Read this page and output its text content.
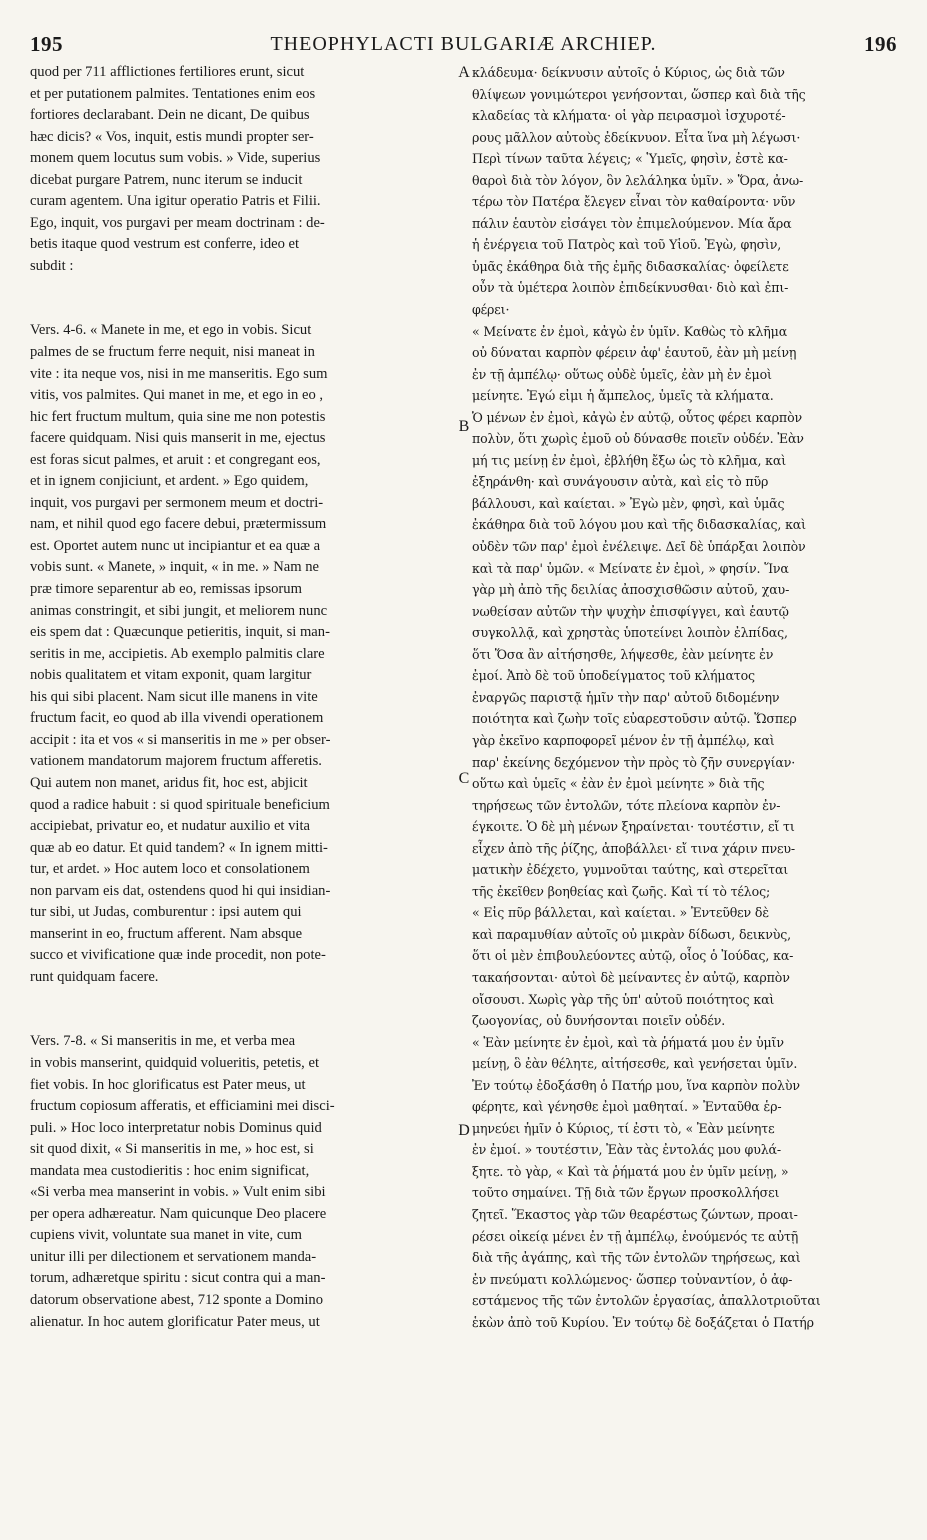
195	THEOPHYLACTI BULGARIÆ ARCHIEP.	196
quod per 711 afflictiones fertiliores erunt, sicut
et per putationem palmites. Tentationes enim eos
fortiores declarabant. Dein ne dicant, De quibus
hæc dicis? « Vos, inquit, estis mundi propter ser-
monem quem locutus sum vobis. » Vide, superius
dicebat purgare Patrem, nunc iterum se inducit
curam agentem. Una igitur operatio Patris et Filii.
Ego, inquit, vos purgavi per meam doctrinam : de-
betis itaque quod vestrum est conferre, ideo et
subdit :
Vers. 4-6. « Manete in me, et ego in vobis. Sicut
palmes de se fructum ferre nequit, nisi maneat in
vite : ita neque vos, nisi in me manseritis. Ego sum
vitis, vos palmites. Qui manet in me, et ego in eo ,
hic fert fructum multum, quia sine me non potestis
facere quidquam. Nisi quis manserit in me, ejectus
est foras sicut palmes, et aruit : et congregant eos,
et in ignem conjiciunt, et ardent. » Ego quidem,
inquit, vos purgavi per sermonem meum et doctri-
nam, et nihil quod ego facere debui, prætermissum
est. Oportet autem nunc ut incipiantur et ea quæ a
vobis sunt. « Manete, » inquit, « in me. » Nam ne
præ timore separentur ab eo, remissas ipsorum
animas constringit, et sibi jungit, et meliorem nunc
eis spem dat : Quæcunque petieritis, inquit, si man-
seritis in me, accipietis. Ab exemplo palmitis clare
nobis qualitatem et vitam exponit, quam largitur
his qui sibi placent. Nam sicut ille manens in vite
fructum facit, eo quod ab illa vivendi operationem
accipit : ita et vos « si manseritis in me » per obser-
vationem mandatorum majorem fructum afferetis.
Qui autem non manet, aridus fit, hoc est, abjicit
quod a radice habuit : si quod spirituale beneficium
accipiebat, privatur eo, et nudatur auxilio et vita
quæ ab eo datur. Et quid tandem? « In ignem mitti-
tur, et ardet. » Hoc autem loco et consolationem
non parvam eis dat, ostendens quod hi qui insidian-
tur sibi, ut Judas, comburentur : ipsi autem qui
manserint in eo, fructum afferent. Nam absque
succo et vivificatione quæ inde procedit, non pote-
runt quidquam facere.
Vers. 7-8. « Si manseritis in me, et verba mea
in vobis manserint, quidquid volueritis, petetis, et
fiet vobis. In hoc glorificatus est Pater meus, ut
fructum copiosum afferatis, et efficiamini mei disci-
puli. » Hoc loco interpretatur nobis Dominus quid
sit quod dixit, « Si manseritis in me, » hoc est, si
mandata mea custodieritis : hoc enim significat,
«Si verba mea manserint in vobis. » Vult enim sibi
per opera adhæreatur. Nam quicunque Deo placere
cupiens vivit, voluntate sua manet in vite, cum
unitur illi per dilectionem et servationem manda-
torum, adhæretque spiritu : sicut contra qui a man-
datorum observatione abest, 712 sponte a Domino
alienatur. In hoc autem glorificatur Pater meus, ut
A
B
C
D
κλάδευμα· δείκνυσιν αὐτοῖς ὁ Κύριος, ὡς διὰ τῶν
θλίψεων γονιμώτεροι γενήσονται, ὥσπερ καὶ διὰ τῆς
κλαδείας τὰ κλήματα· οἱ γὰρ πειρασμοὶ ἰσχυροτέ-
ρους μᾶλλον αὐτοὺς ἐδείκνυον. Εἶτα ἵνα μὴ λέγωσι·
Περὶ τίνων ταῦτα λέγεις; « Ὑμεῖς, φησὶν, ἐστὲ κα-
θαροὶ διὰ τὸν λόγον, ὃν λελάληκα ὑμῖν. » Ὅρα, ἀνω-
τέρω τὸν Πατέρα ἔλεγεν εἶναι τὸν καθαίροντα· νῦν
πάλιν ἑαυτὸν εἰσάγει τὸν ἐπιμελούμενον. Μία ἄρα
ἡ ἐνέργεια τοῦ Πατρὸς καὶ τοῦ Υἱοῦ. Ἐγὼ, φησὶν,
ὑμᾶς ἐκάθηρα διὰ τῆς ἐμῆς διδασκαλίας· ὀφείλετε
οὖν τὰ ὑμέτερα λοιπὸν ἐπιδείκνυσθαι· διὸ καὶ ἐπι-
φέρει·
« Μείνατε ἐν ἐμοὶ, κἀγὼ ἐν ὑμῖν. Καθὼς τὸ κλῆμα
οὐ δύναται καρπὸν φέρειν ἀφ' ἑαυτοῦ, ἐὰν μὴ μείνῃ
ἐν τῇ ἀμπέλῳ· οὕτως οὐδὲ ὑμεῖς, ἐὰν μὴ ἐν ἐμοὶ
μείνητε. Ἐγώ εἰμι ἡ ἄμπελος, ὑμεῖς τὰ κλήματα.
Ὁ μένων ἐν ἐμοὶ, κἀγὼ ἐν αὐτῷ, οὗτος φέρει καρπὸν
πολὺν, ὅτι χωρὶς ἐμοῦ οὐ δύνασθε ποιεῖν οὐδέν. Ἐὰν
μή τις μείνῃ ἐν ἐμοὶ, ἐβλήθη ἔξω ὡς τὸ κλῆμα, καὶ
ἐξηράνθη· καὶ συνάγουσιν αὐτὰ, καὶ εἰς τὸ πῦρ
βάλλουσι, καὶ καίεται. » Ἐγὼ μὲν, φησὶ, καὶ ὑμᾶς
ἐκάθηρα διὰ τοῦ λόγου μου καὶ τῆς διδασκαλίας, καὶ
οὐδὲν τῶν παρ' ἐμοὶ ἐνέλειψε. Δεῖ δὲ ὑπάρξαι λοιπὸν
καὶ τὰ παρ' ὑμῶν. « Μείνατε ἐν ἐμοὶ, » φησίν. Ἵνα
γὰρ μὴ ἀπὸ τῆς δειλίας ἀποσχισθῶσιν αὐτοῦ, χαυ-
νωθείσαν αὐτῶν τὴν ψυχὴν ἐπισφίγγει, καὶ ἑαυτῷ
συγκολλᾷ, καὶ χρηστὰς ὑποτείνει λοιπὸν ἐλπίδας,
ὅτι Ὅσα ἂν αἰτήσησθε, λήψεσθε, ἐὰν μείνητε ἐν
ἐμοί. Ἀπὸ δὲ τοῦ ὑποδείγματος τοῦ κλήματος
ἐναργῶς παριστᾷ ἡμῖν τὴν παρ' αὐτοῦ διδομένην
ποιότητα καὶ ζωὴν τοῖς εὐαρεστοῦσιν αὐτῷ. Ὥσπερ
γὰρ ἐκεῖνο καρποφορεῖ μένον ἐν τῇ ἀμπέλῳ, καὶ
παρ' ἐκείνης δεχόμενον τὴν πρὸς τὸ ζῆν συνεργίαν·
οὕτω καὶ ὑμεῖς « ἐὰν ἐν ἐμοὶ μείνητε » διὰ τῆς
τηρήσεως τῶν ἐντολῶν, τότε πλείονα καρπὸν ἐν-
έγκοιτε. Ὁ δὲ μὴ μένων ξηραίνεται· τουτέστιν, εἴ τι
εἶχεν ἀπὸ τῆς ῥίζης, ἀποβάλλει· εἴ τινα χάριν πνευ-
ματικὴν ἐδέχετο, γυμνοῦται ταύτης, καὶ στερεῖται
τῆς ἐκεῖθεν βοηθείας καὶ ζωῆς. Καὶ τί τὸ τέλος;
« Εἰς πῦρ βάλλεται, καὶ καίεται. » Ἐντεῦθεν δὲ
καὶ παραμυθίαν αὐτοῖς οὐ μικρὰν δίδωσι, δεικνὺς,
ὅτι οἱ μὲν ἐπιβουλεύοντες αὐτῷ, οἷος ὁ Ἰούδας, κα-
τακαήσονται· αὐτοὶ δὲ μείναντες ἐν αὐτῷ, καρπὸν
οἴσουσι. Χωρὶς γὰρ τῆς ὑπ' αὐτοῦ ποιότητος καὶ
ζωογονίας, οὐ δυνήσονται ποιεῖν οὐδέν.
« Ἐὰν μείνητε ἐν ἐμοὶ, καὶ τὰ ῥήματά μου ἐν ὑμῖν
μείνῃ, ὃ ἐὰν θέλητε, αἰτήσεσθε, καὶ γενήσεται ὑμῖν.
Ἐν τούτῳ ἐδοξάσθη ὁ Πατήρ μου, ἵνα καρπὸν πολὺν
φέρητε, καὶ γένησθε ἐμοὶ μαθηταί. » Ἐνταῦθα ἑρ-
μηνεύει ἡμῖν ὁ Κύριος, τί ἐστι τὸ, « Ἐὰν μείνητε
ἐν ἐμοί. » τουτέστιν, Ἐὰν τὰς ἐντολάς μου φυλά-
ξητε. τὸ γὰρ, « Καὶ τὰ ῥήματά μου ἐν ὑμῖν μείνῃ, »
τοῦτο σημαίνει. Τῇ διὰ τῶν ἔργων προσκολλήσει
ζητεῖ. Ἕκαστος γὰρ τῶν θεαρέστως ζώντων, προαι-
ρέσει οἰκείᾳ μένει ἐν τῇ ἀμπέλῳ, ἑνούμενός τε αὐτῇ
διὰ τῆς ἀγάπης, καὶ τῆς τῶν ἐντολῶν τηρήσεως, καὶ
ἐν πνεύματι κολλώμενος· ὥσπερ τοὐναντίον, ὁ ἀφ-
εστάμενος τῆς τῶν ἐντολῶν ἐργασίας, ἀπαλλοτριοῦται
ἑκὼν ἀπὸ τοῦ Κυρίου. Ἐν τούτῳ δὲ δοξάζεται ὁ Πατήρ
